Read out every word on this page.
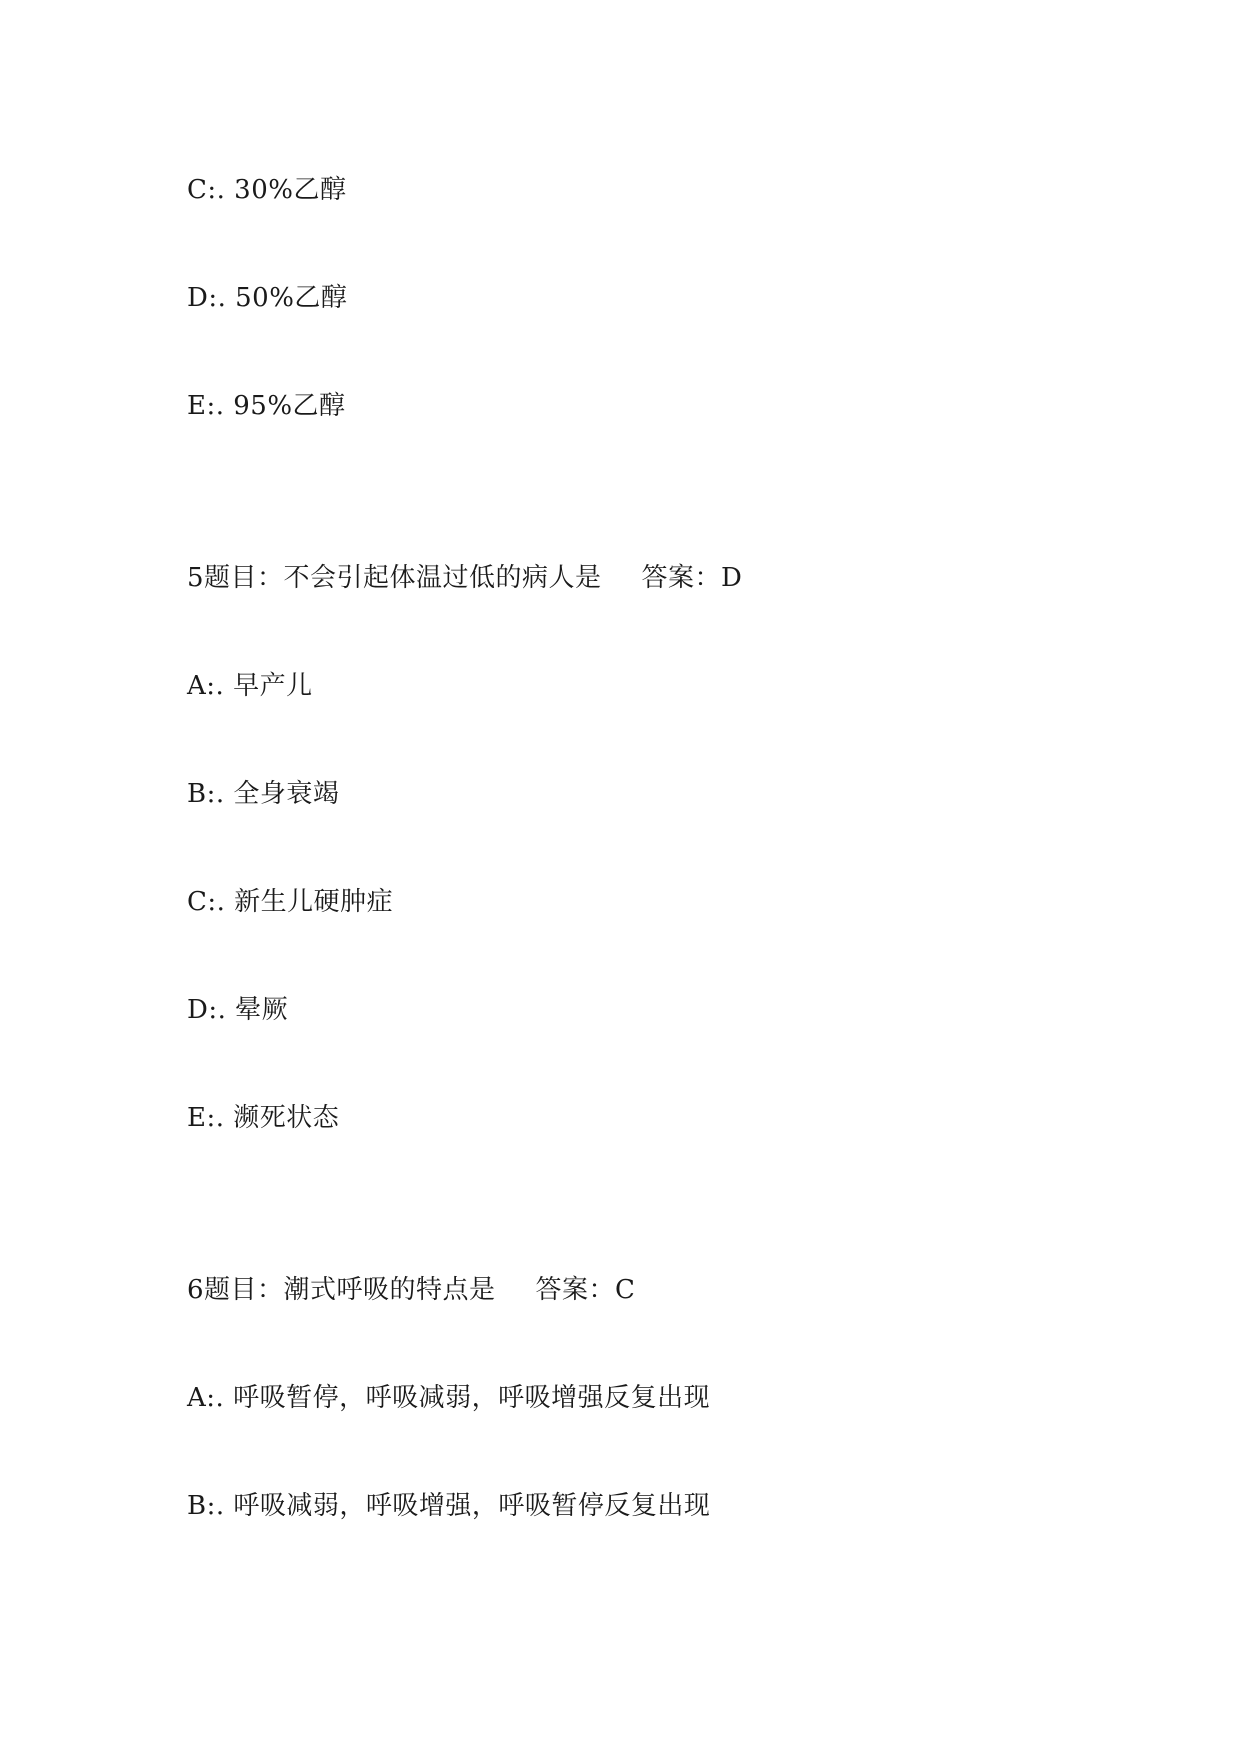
C:. 30%乙醇
D:. 50%乙醇
E:. 95%乙醇
5题目：不会引起体温过低的病人是 答案：D
A:. 早产儿
B:. 全身衰竭
C:. 新生儿硬肿症
D:. 晕厥
E:. 濒死状态
6题目：潮式呼吸的特点是 答案：C
A:. 呼吸暂停，呼吸减弱，呼吸增强反复出现
B:. 呼吸减弱，呼吸增强，呼吸暂停反复出现
